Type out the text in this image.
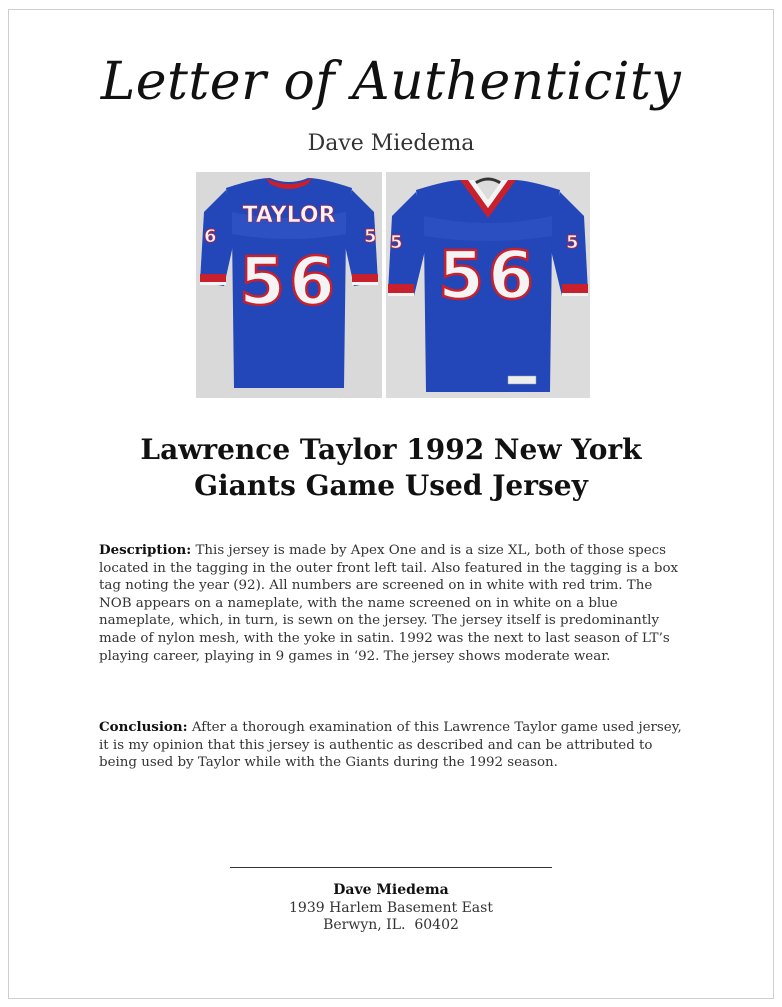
Letter of Authenticity
Dave Miedema
6	5
TAYLOR
56
5	5
56
Lawrence Taylor 1992 New York
Giants Game Used Jersey
Description: This jersey is made by Apex One and is a size XL, both of those specs located in the tagging in the outer front left tail. Also featured in the tagging is a box tag noting the year (92). All numbers are screened on in white with red trim. The NOB appears on a nameplate, with the name screened on in white on a blue nameplate, which, in turn, is sewn on the jersey. The jersey itself is predominantly made of nylon mesh, with the yoke in satin. 1992 was the next to last season of LT’s playing career, playing in 9 games in ‘92. The jersey shows moderate wear.
Conclusion: After a thorough examination of this Lawrence Taylor game used jersey, it is my opinion that this jersey is authentic as described and can be attributed to being used by Taylor while with the Giants during the 1992 season.
Dave Miedema
1939 Harlem Basement East
Berwyn, IL.  60402
